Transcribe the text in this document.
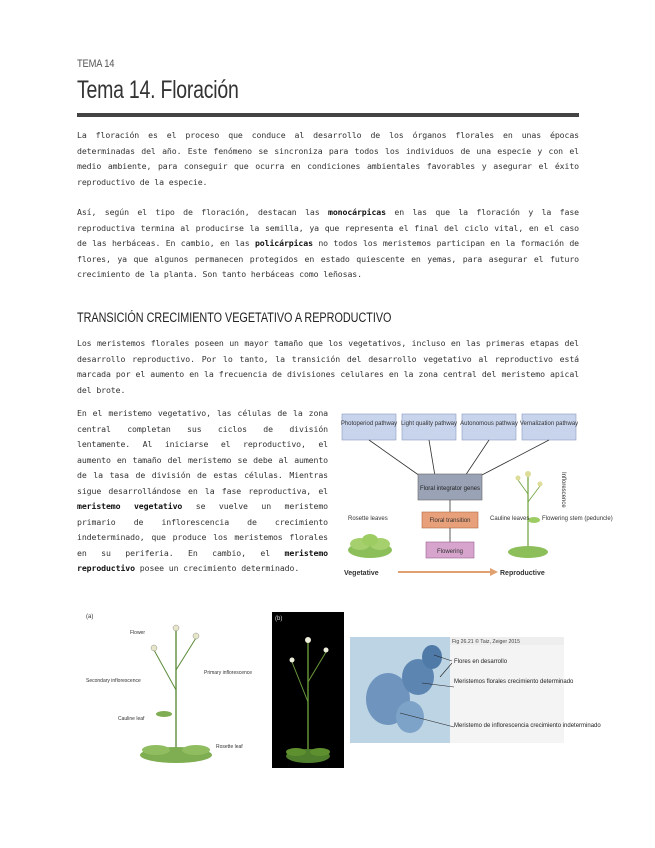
TEMA 14
Tema 14. Floración

La floración es el proceso que conduce al desarrollo de los órganos florales en unas épocas determinadas del año. Este fenómeno se sincroniza para todos los individuos de una especie y con el medio ambiente, para conseguir que ocurra en condiciones ambientales favorables y asegurar el éxito reproductivo de la especie.

Así, según el tipo de floración, destacan las monocárpicas en las que la floración y la fase reproductiva termina al producirse la semilla, ya que representa el final del ciclo vital, en el caso de las herbáceas. En cambio, en las policárpicas no todos los meristemos participan en la formación de flores, ya que algunos permanecen protegidos en estado quiescente en yemas, para asegurar el futuro crecimiento de la planta. Son tanto herbáceas como leñosas.

TRANSICIÓN CRECIMIENTO VEGETATIVO A REPRODUCTIVO

Los meristemos florales poseen un mayor tamaño que los vegetativos, incluso en las primeras etapas del desarrollo reproductivo. Por lo tanto, la transición del desarrollo vegetativo al reproductivo está marcada por el aumento en la frecuencia de divisiones celulares en la zona central del meristemo apical del brote.

En el meristemo vegetativo, las células de la zona central completan sus ciclos de división lentamente. Al iniciarse el reproductivo, el aumento en tamaño del meristemo se debe al aumento de la tasa de división de estas células. Mientras sigue desarrollándose en la fase reproductiva, el meristemo vegetativo se vuelve un meristemo primario de inflorescencia de crecimiento indeterminado, que produce los meristemos florales en su periferia. En cambio, el meristemo reproductivo posee un crecimiento determinado.

Photoperiod pathway Light quality pathway Autonomous pathway Vernalization pathway
Floral integrator genes
Floral transition
Flowering
Rosette leaves	Cauline leaves Flowering stem (peduncle)
Inflorescence
Vegetative	Reproductive
(a)
Flower
Secondary inflorescence
Primary inflorescence
Cauline leaf
Rosette leaf
(b)
Fig 26.21 © Taiz, Zeiger 2015
Flores en desarrollo
Meristemos florales crecimiento determinado
Meristemo de inflorescencia crecimiento indeterminado
